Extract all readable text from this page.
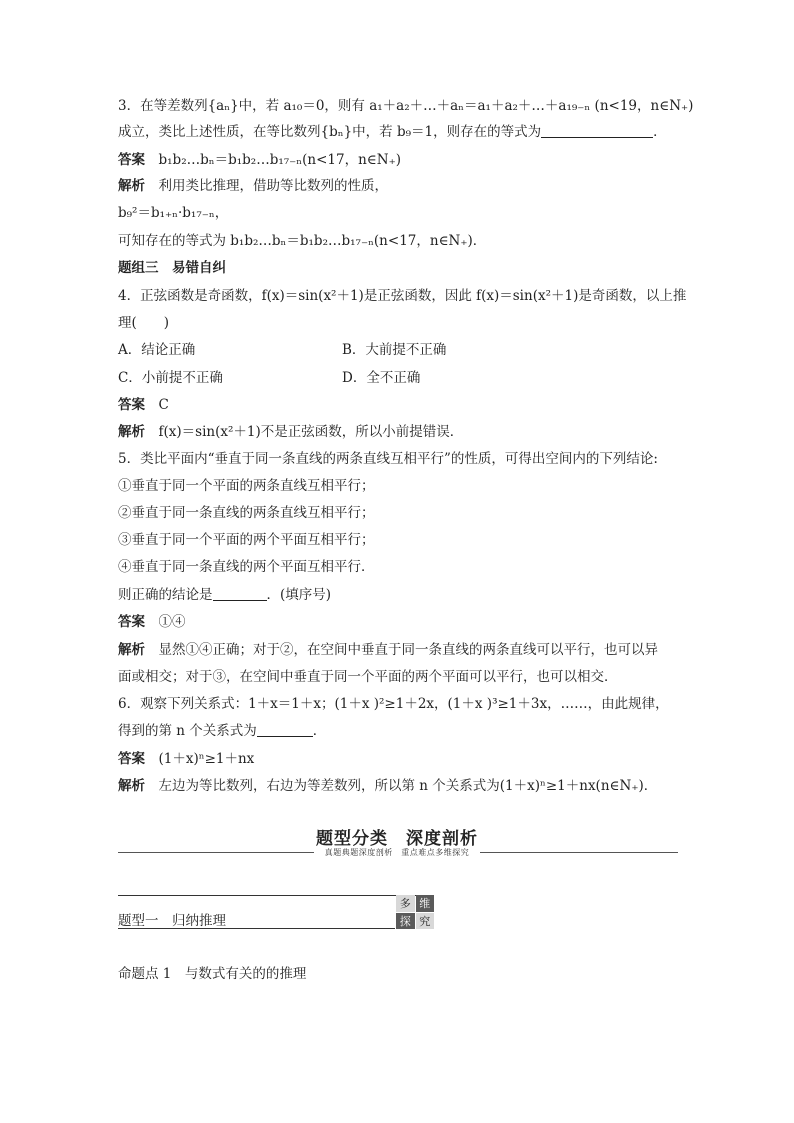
3．在等差数列{aₙ}中，若 a₁₀＝0，则有 a₁＋a₂＋…＋aₙ＝a₁＋a₂＋…＋a₁₉₋ₙ (n<19，n∈N₊)
成立，类比上述性质，在等比数列{bₙ}中，若 b₉＝1，则存在的等式为	．
答案　 b₁b₂…bₙ＝b₁b₂…b₁₇₋ₙ(n<17，n∈N₊)
解析　 利用类比推理，借助等比数列的性质，
b₉²＝b₁₊ₙ·b₁₇₋ₙ，
可知存在的等式为 b₁b₂…bₙ＝b₁b₂…b₁₇₋ₙ(n<17，n∈N₊)．
题组三　易错自纠
4．正弦函数是奇函数，f(x)＝sin(x²＋1)是正弦函数，因此 f(x)＝sin(x²＋1)是奇函数，以上推
理(　　)
A．结论正确	B．大前提不正确
C．小前提不正确	D．全不正确
答案　 C
解析　 f(x)＝sin(x²＋1)不是正弦函数，所以小前提错误．
5．类比平面内“垂直于同一条直线的两条直线互相平行”的性质，可得出空间内的下列结论:
①垂直于同一个平面的两条直线互相平行；
②垂直于同一条直线的两条直线互相平行；
③垂直于同一个平面的两个平面互相平行；
④垂直于同一条直线的两个平面互相平行．
则正确的结论是	．(填序号)
答案　 ①④
解析　 显然①④正确；对于②，在空间中垂直于同一条直线的两条直线可以平行，也可以异
面或相交；对于③，在空间中垂直于同一个平面的两个平面可以平行，也可以相交．
6．观察下列关系式：1＋x＝1＋x；(1＋x )²≥1＋2x，(1＋x )³≥1＋3x，……，由此规律，
得到的第 n 个关系式为	．
答案　 (1＋x)ⁿ≥1＋nx
解析　 左边为等比数列，右边为等差数列，所以第 n 个关系式为(1＋x)ⁿ≥1＋nx(n∈N₊)．
题型分类　深度剖析
真题典题深度剖析　重点难点多维探究
题型一　归纳推理
多 维
探 究
命题点 1　与数式有关的的推理
